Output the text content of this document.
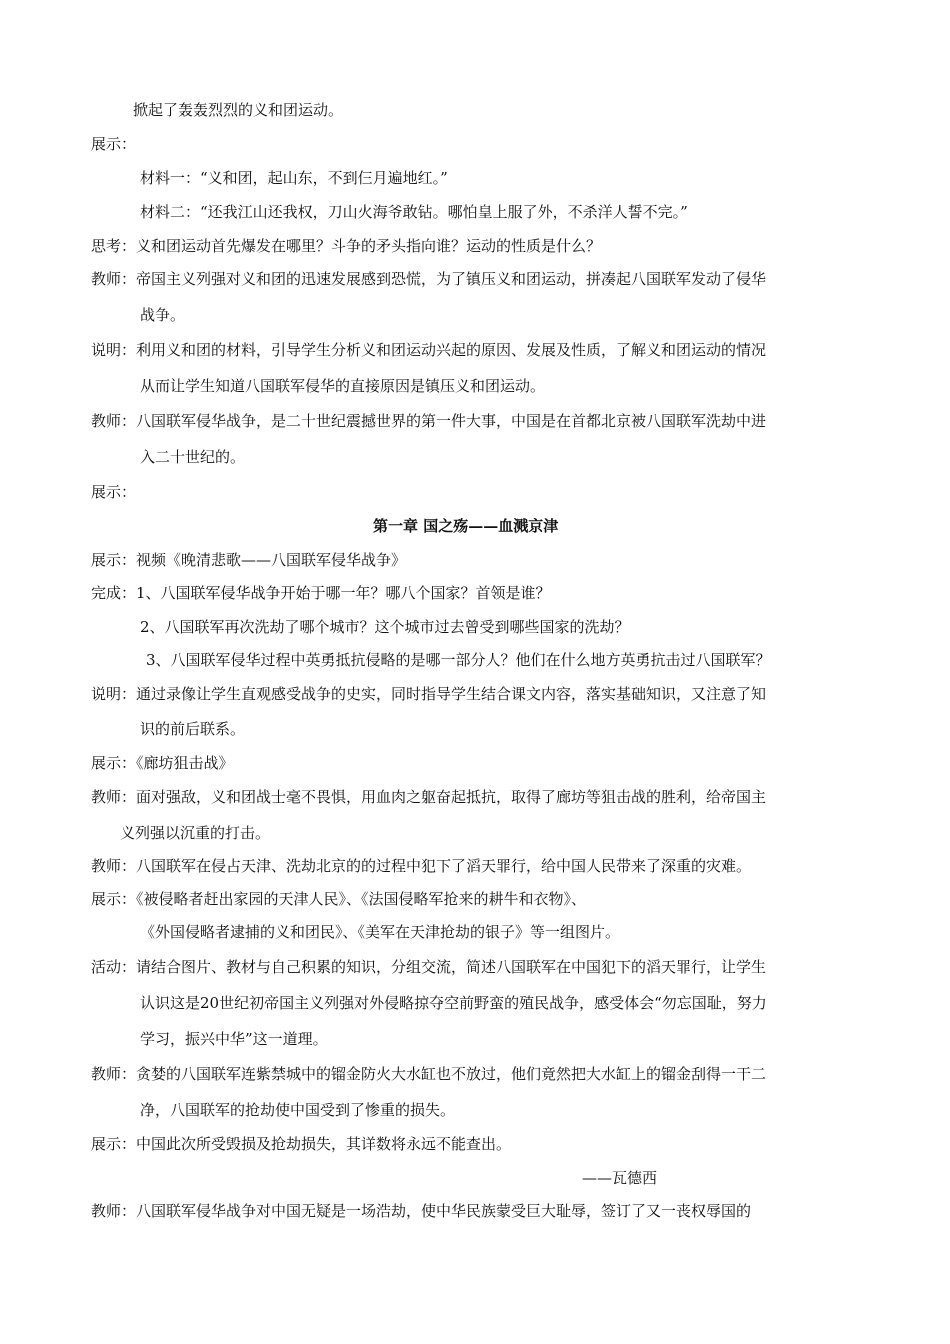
掀起了轰轰烈烈的义和团运动。
展示：
材料一：“义和团，起山东，不到仨月遍地红。”
材料二：“还我江山还我权，刀山火海爷敢钻。哪怕皇上服了外，不杀洋人誓不完。”
思考：义和团运动首先爆发在哪里？斗争的矛头指向谁？运动的性质是什么？
教师：帝国主义列强对义和团的迅速发展感到恐慌，为了镇压义和团运动，拼凑起八国联军发动了侵华
战争。
说明：利用义和团的材料，引导学生分析义和团运动兴起的原因、发展及性质，了解义和团运动的情况
从而让学生知道八国联军侵华的直接原因是镇压义和团运动。
教师：八国联军侵华战争，是二十世纪震撼世界的第一件大事，中国是在首都北京被八国联军洗劫中进
入二十世纪的。
展示：
第一章 国之殇——血溅京津
展示：视频《晚清悲歌——八国联军侵华战争》
完成：1、八国联军侵华战争开始于哪一年？哪八个国家？首领是谁？
2、八国联军再次洗劫了哪个城市？这个城市过去曾受到哪些国家的洗劫？
3、八国联军侵华过程中英勇抵抗侵略的是哪一部分人？他们在什么地方英勇抗击过八国联军？
说明：通过录像让学生直观感受战争的史实，同时指导学生结合课文内容，落实基础知识，又注意了知
识的前后联系。
展示：《廊坊狙击战》
教师：面对强敌，义和团战士毫不畏惧，用血肉之躯奋起抵抗，取得了廊坊等狙击战的胜利，给帝国主
义列强以沉重的打击。
教师：八国联军在侵占天津、洗劫北京的的过程中犯下了滔天罪行，给中国人民带来了深重的灾难。
展示：《被侵略者赶出家园的天津人民》、《法国侵略军抢来的耕牛和衣物》、
《外国侵略者逮捕的义和团民》、《美军在天津抢劫的银子》等一组图片。
活动：请结合图片、教材与自己积累的知识，分组交流，简述八国联军在中国犯下的滔天罪行，让学生
认识这是20世纪初帝国主义列强对外侵略掠夺空前野蛮的殖民战争，感受体会“勿忘国耻，努力
学习，振兴中华”这一道理。
教师：贪婪的八国联军连紫禁城中的镏金防火大水缸也不放过，他们竟然把大水缸上的镏金刮得一干二
净，八国联军的抢劫使中国受到了惨重的损失。
展示：中国此次所受毁损及抢劫损失，其详数将永远不能查出。
——瓦德西
教师：八国联军侵华战争对中国无疑是一场浩劫，使中华民族蒙受巨大耻辱，签订了又一丧权辱国的
